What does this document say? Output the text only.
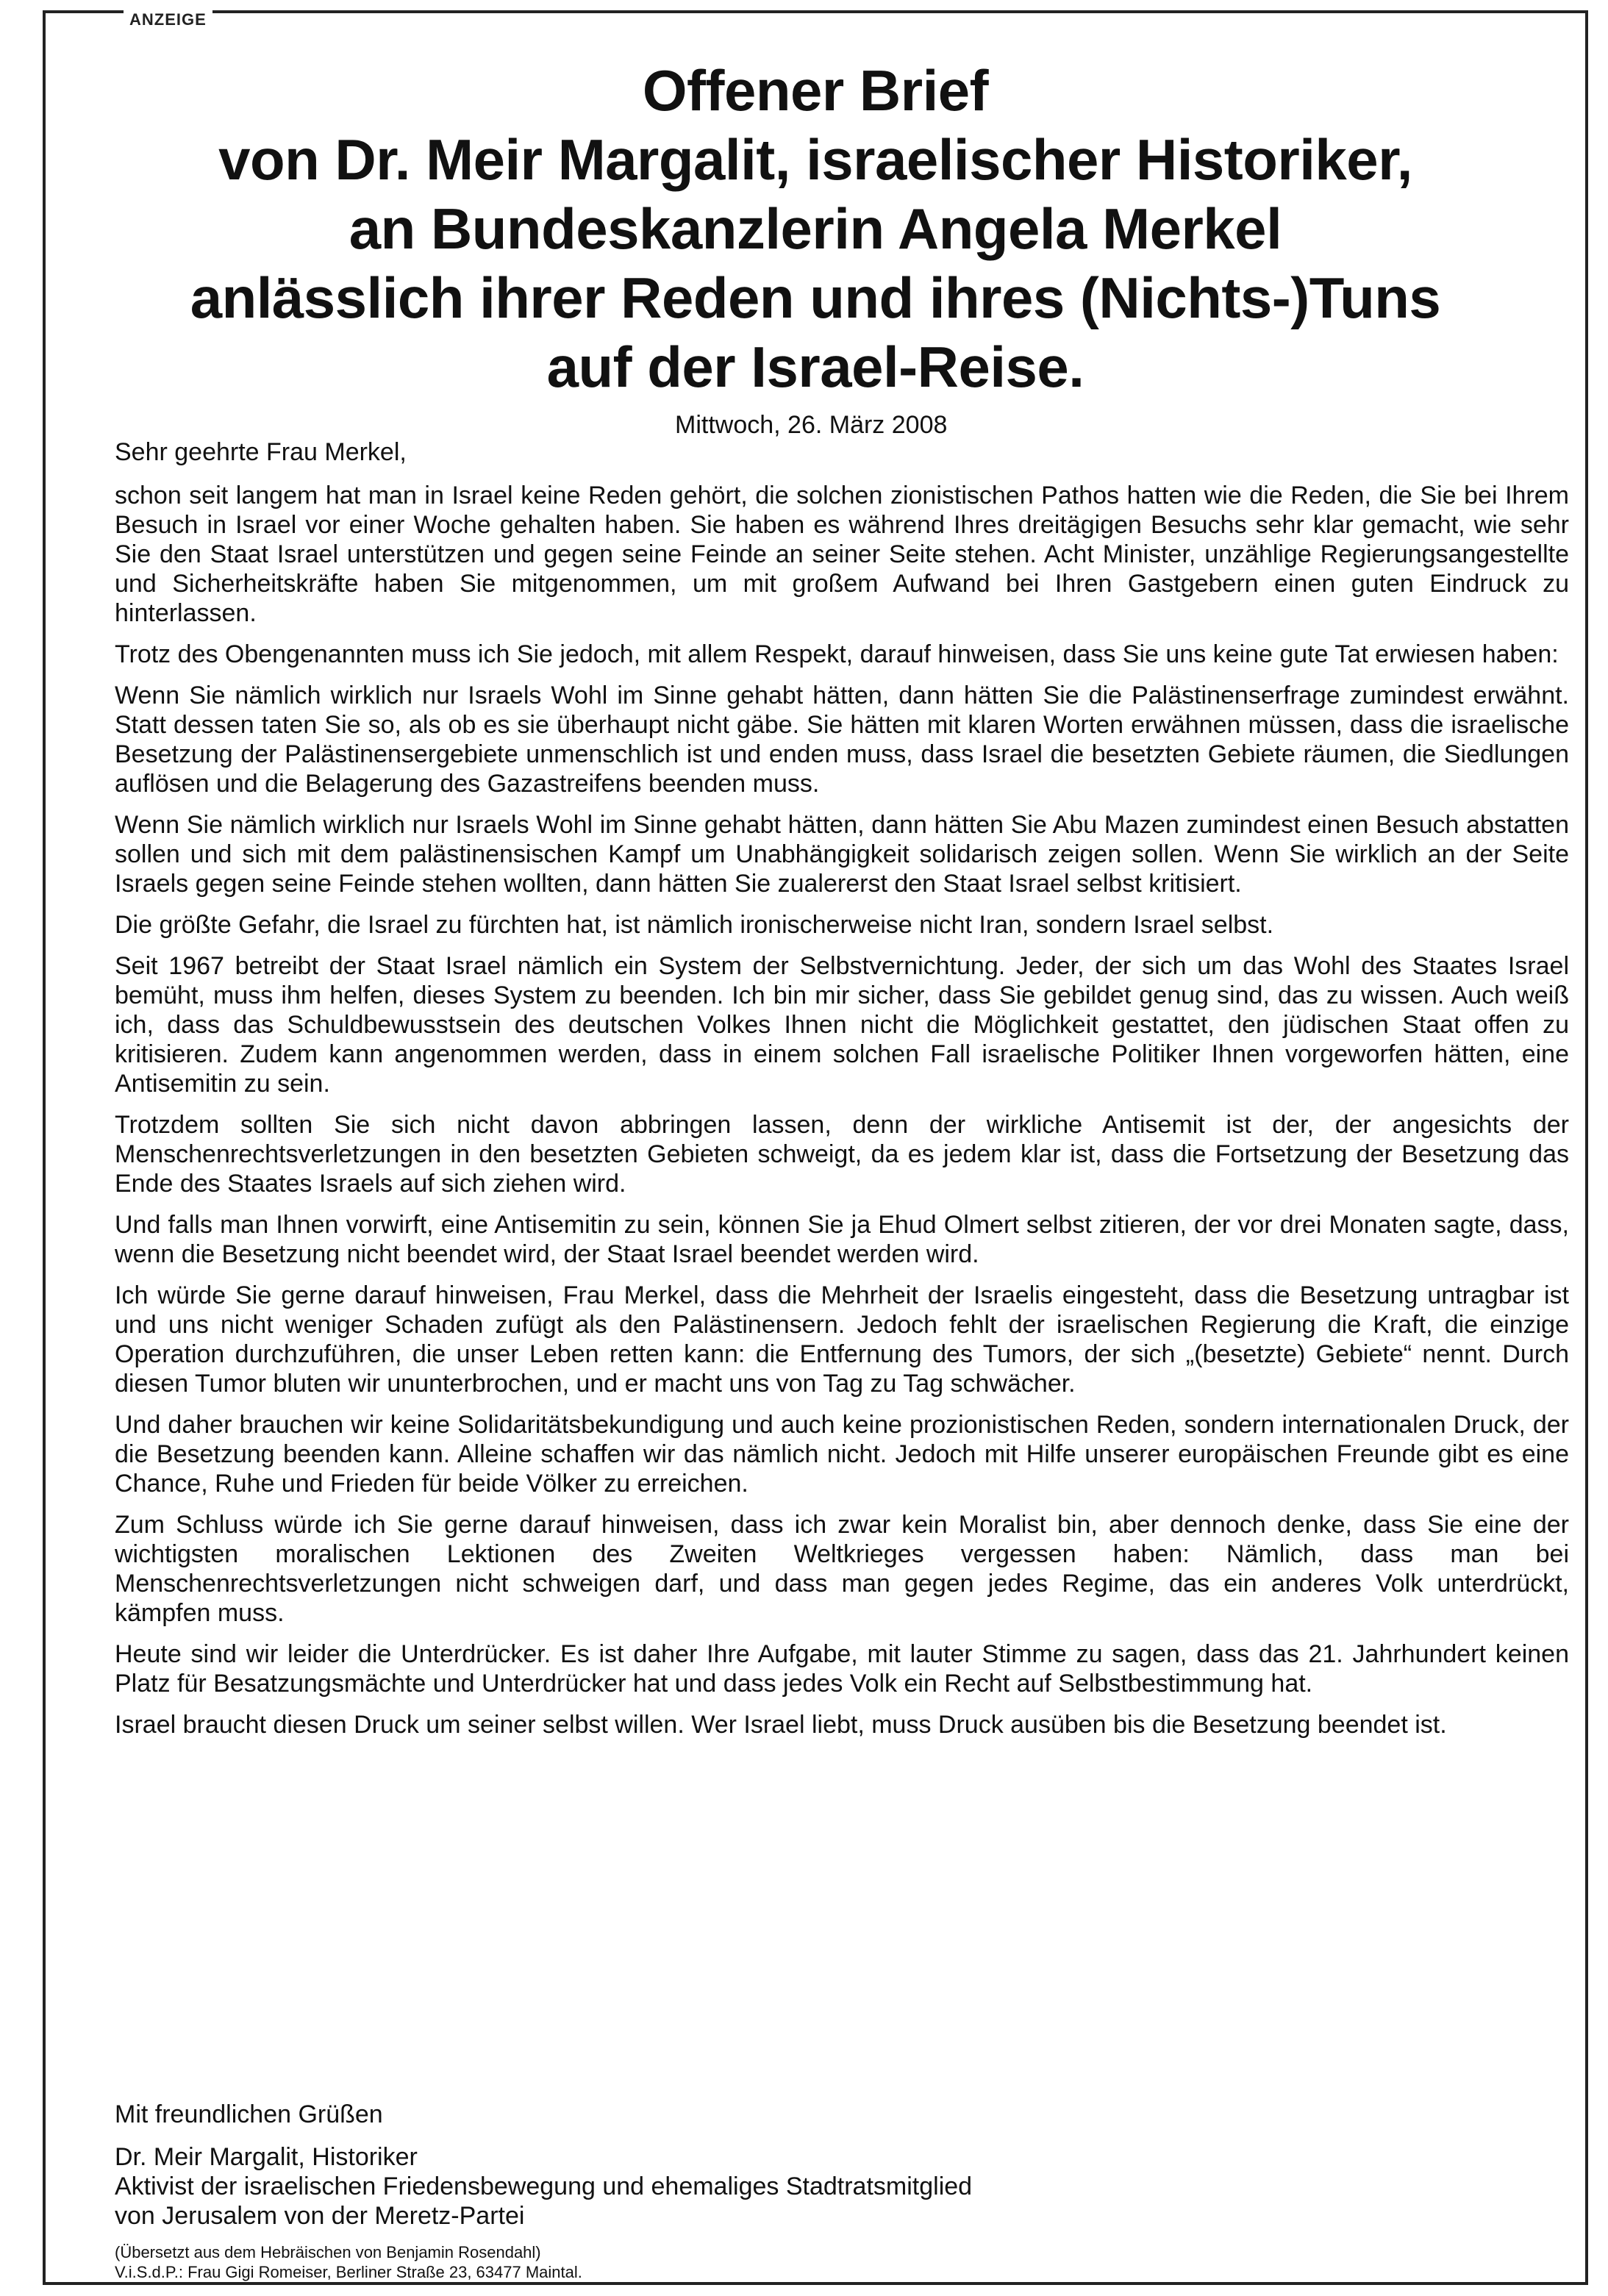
ANZEIGE
Offener Brief
von Dr. Meir Margalit, israelischer Historiker,
an Bundeskanzlerin Angela Merkel
anlässlich ihrer Reden und ihres (Nichts-)Tuns
auf der Israel-Reise.
Mittwoch, 26. März 2008
Sehr geehrte Frau Merkel,

schon seit langem hat man in Israel keine Reden gehört, die solchen zionistischen Pathos hatten wie die Reden, die Sie bei Ihrem Besuch in Israel vor einer Woche gehalten haben. Sie haben es während Ihres dreitägigen Besuchs sehr klar gemacht, wie sehr Sie den Staat Israel unterstützen und gegen seine Feinde an seiner Seite stehen. Acht Minister, unzählige Regierungsangestellte und Sicherheitskräfte haben Sie mitgenommen, um mit großem Aufwand bei Ihren Gastgebern einen guten Eindruck zu hinterlassen.

Trotz des Obengenannten muss ich Sie jedoch, mit allem Respekt, darauf hinweisen, dass Sie uns keine gute Tat erwiesen haben:

Wenn Sie nämlich wirklich nur Israels Wohl im Sinne gehabt hätten, dann hätten Sie die Palästinenserfrage zumindest erwähnt. Statt dessen taten Sie so, als ob es sie überhaupt nicht gäbe. Sie hätten mit klaren Worten erwähnen müssen, dass die israelische Besetzung der Palästinensergebiete unmenschlich ist und enden muss, dass Israel die besetzten Gebiete räumen, die Siedlungen auflösen und die Belagerung des Gazastreifens beenden muss.

Wenn Sie nämlich wirklich nur Israels Wohl im Sinne gehabt hätten, dann hätten Sie Abu Mazen zumindest einen Besuch abstatten sollen und sich mit dem palästinensischen Kampf um Unabhängigkeit solidarisch zeigen sollen. Wenn Sie wirklich an der Seite Israels gegen seine Feinde stehen wollten, dann hätten Sie zualererst den Staat Israel selbst kritisiert.

Die größte Gefahr, die Israel zu fürchten hat, ist nämlich ironischerweise nicht Iran, sondern Israel selbst.

Seit 1967 betreibt der Staat Israel nämlich ein System der Selbstvernichtung. Jeder, der sich um das Wohl des Staates Israel bemüht, muss ihm helfen, dieses System zu beenden. Ich bin mir sicher, dass Sie gebildet genug sind, das zu wissen. Auch weiß ich, dass das Schuldbewusstsein des deutschen Volkes Ihnen nicht die Möglichkeit gestattet, den jüdischen Staat offen zu kritisieren. Zudem kann angenommen werden, dass in einem solchen Fall israelische Politiker Ihnen vorgeworfen hätten, eine Antisemitin zu sein.

Trotzdem sollten Sie sich nicht davon abbringen lassen, denn der wirkliche Antisemit ist der, der angesichts der Menschenrechtsverletzungen in den besetzten Gebieten schweigt, da es jedem klar ist, dass die Fortsetzung der Besetzung das Ende des Staates Israels auf sich ziehen wird.

Und falls man Ihnen vorwirft, eine Antisemitin zu sein, können Sie ja Ehud Olmert selbst zitieren, der vor drei Monaten sagte, dass, wenn die Besetzung nicht beendet wird, der Staat Israel beendet werden wird.

Ich würde Sie gerne darauf hinweisen, Frau Merkel, dass die Mehrheit der Israelis eingesteht, dass die Besetzung untragbar ist und uns nicht weniger Schaden zufügt als den Palästinensern. Jedoch fehlt der israelischen Regierung die Kraft, die einzige Operation durchzuführen, die unser Leben retten kann: die Entfernung des Tumors, der sich „(besetzte) Gebiete“ nennt. Durch diesen Tumor bluten wir ununterbrochen, und er macht uns von Tag zu Tag schwächer.

Und daher brauchen wir keine Solidaritätsbekundigung und auch keine prozionistischen Reden, sondern internationalen Druck, der die Besetzung beenden kann. Alleine schaffen wir das nämlich nicht. Jedoch mit Hilfe unserer europäischen Freunde gibt es eine Chance, Ruhe und Frieden für beide Völker zu erreichen.

Zum Schluss würde ich Sie gerne darauf hinweisen, dass ich zwar kein Moralist bin, aber dennoch denke, dass Sie eine der wichtigsten moralischen Lektionen des Zweiten Weltkrieges vergessen haben: Nämlich, dass man bei Menschenrechtsverletzungen nicht schweigen darf, und dass man gegen jedes Regime, das ein anderes Volk unterdrückt, kämpfen muss.

Heute sind wir leider die Unterdrücker. Es ist daher Ihre Aufgabe, mit lauter Stimme zu sagen, dass das 21. Jahrhundert keinen Platz für Besatzungsmächte und Unterdrücker hat und dass jedes Volk ein Recht auf Selbstbestimmung hat.

Israel braucht diesen Druck um seiner selbst willen. Wer Israel liebt, muss Druck ausüben bis die Besetzung beendet ist.

Mit freundlichen Grüßen
Dr. Meir Margalit, Historiker
Aktivist der israelischen Friedensbewegung und ehemaliges Stadtratsmitglied
von Jerusalem von der Meretz-Partei
(Übersetzt aus dem Hebräischen von Benjamin Rosendahl)
V.i.S.d.P.: Frau Gigi Romeiser, Berliner Straße 23, 63477 Maintal.
